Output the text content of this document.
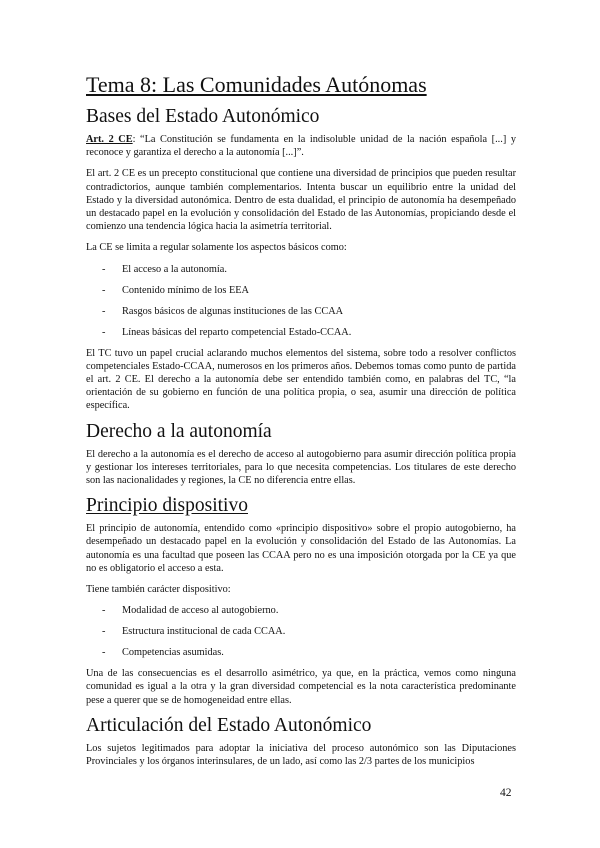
Tema 8: Las Comunidades Autónomas
Bases del Estado Autonómico

Art. 2 CE: “La Constitución se fundamenta en la indisoluble unidad de la nación española [...] y reconoce y garantiza el derecho a la autonomía [...]”.

El art. 2 CE es un precepto constitucional que contiene una diversidad de principios que pueden resultar contradictorios, aunque también complementarios. Intenta buscar un equilibrio entre la unidad del Estado y la diversidad autonómica. Dentro de esta dualidad, el principio de autonomía ha desempeñado un destacado papel en la evolución y consolidación del Estado de las Autonomías, propiciando desde el comienzo una tendencia lógica hacia la asimetría territorial.

La CE se limita a regular solamente los aspectos básicos como:

- El acceso a la autonomía.
- Contenido mínimo de los EEA
- Rasgos básicos de algunas instituciones de las CCAA
- Líneas básicas del reparto competencial Estado-CCAA.

El TC tuvo un papel crucial aclarando muchos elementos del sistema, sobre todo a resolver conflictos competenciales Estado-CCAA, numerosos en los primeros años. Debemos tomas como punto de partida el art. 2 CE. El derecho a la autonomía debe ser entendido también como, en palabras del TC, “la orientación de su gobierno en función de una política propia, o sea, asumir una dirección de política específica.

Derecho a la autonomía

El derecho a la autonomía es el derecho de acceso al autogobierno para asumir dirección política propia y gestionar los intereses territoriales, para lo que necesita competencias. Los titulares de este derecho son las nacionalidades y regiones, la CE no diferencia entre ellas.

Principio dispositivo

El principio de autonomía, entendido como «principio dispositivo» sobre el propio autogobierno, ha desempeñado un destacado papel en la evolución y consolidación del Estado de las Autonomías. La autonomía es una facultad que poseen las CCAA pero no es una imposición otorgada por la CE ya que no es obligatorio el acceso a esta.

Tiene también carácter dispositivo:

- Modalidad de acceso al autogobierno.
- Estructura institucional de cada CCAA.
- Competencias asumidas.

Una de las consecuencias es el desarrollo asimétrico, ya que, en la práctica, vemos como ninguna comunidad es igual a la otra y la gran diversidad competencial es la nota característica predominante pese a querer que se de homogeneidad entre ellas.

Articulación del Estado Autonómico

Los sujetos legitimados para adoptar la iniciativa del proceso autonómico son las Diputaciones Provinciales y los órganos interinsulares, de un lado, así como las 2/3 partes de los municipios

42
